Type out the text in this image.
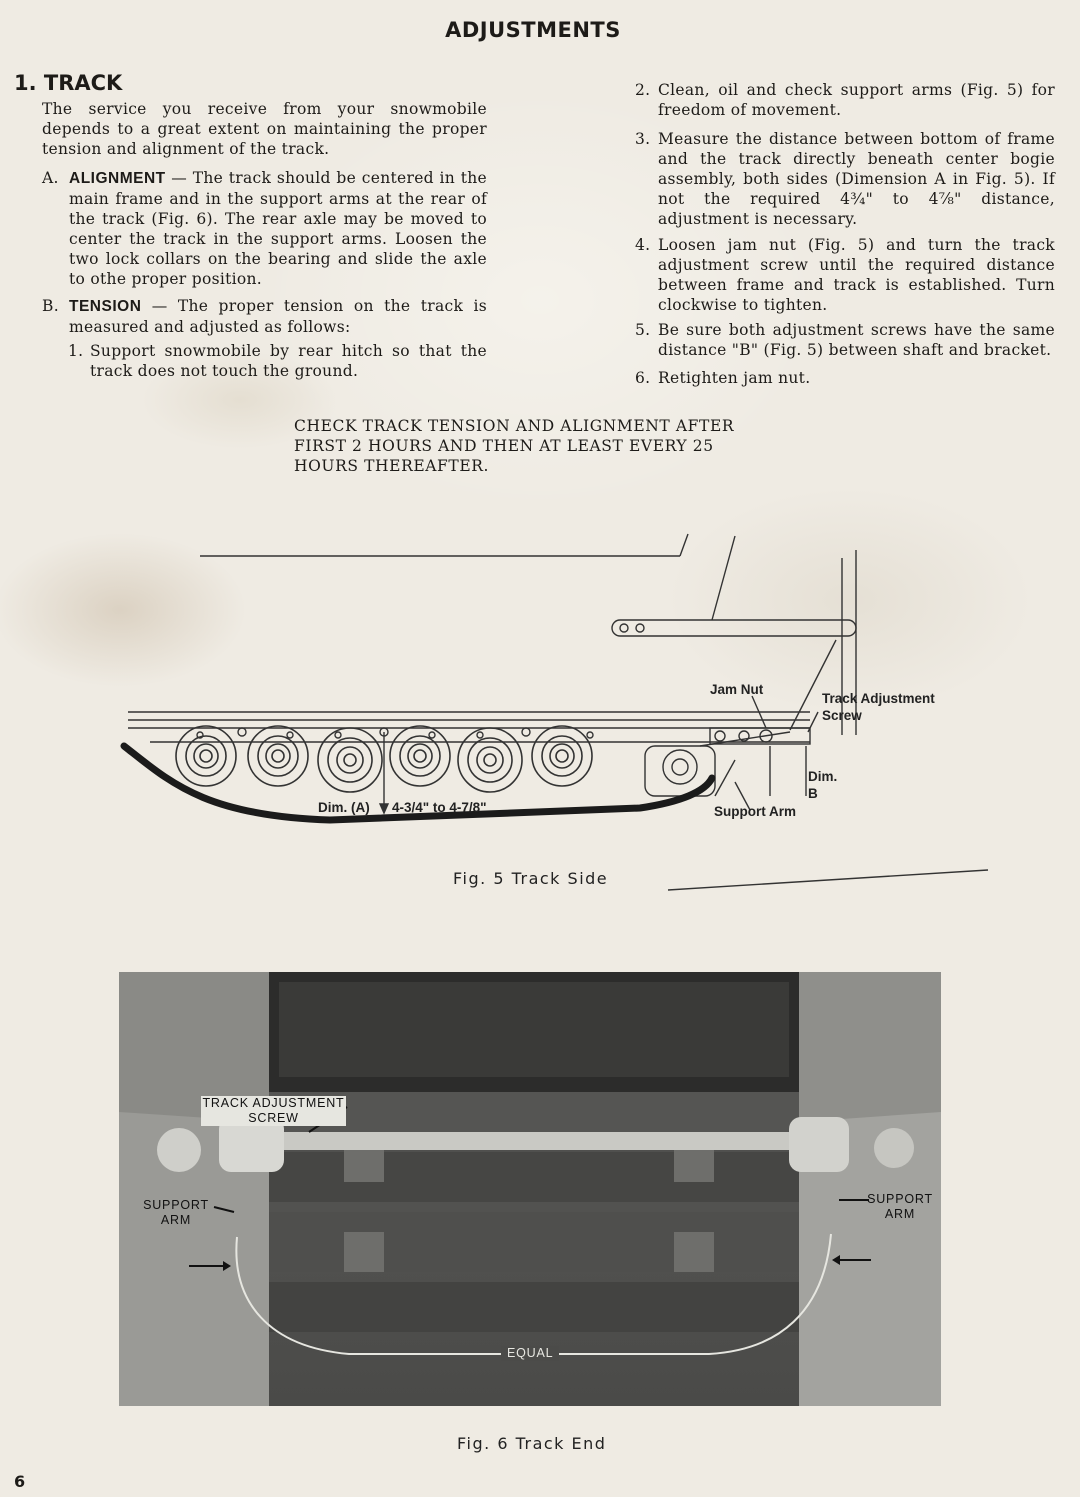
ADJUSTMENTS
1. TRACK
The service you receive from your snowmobile depends to a great extent on maintaining the proper tension and alignment of the track.
A. ALIGNMENT — The track should be centered in the main frame and in the support arms at the rear of the track (Fig. 6). The rear axle may be moved to center the track in the support arms. Loosen the two lock collars on the bearing and slide the axle to othe proper position.
B. TENSION — The proper tension on the track is measured and adjusted as follows:
1. Support snowmobile by rear hitch so that the track does not touch the ground.
2. Clean, oil and check support arms (Fig. 5) for freedom of movement.
3. Measure the distance between bottom of frame and the track directly beneath center bogie assembly, both sides (Dimension A in Fig. 5). If not the required 4¾" to 4⅞" distance, adjustment is necessary.
4. Loosen jam nut (Fig. 5) and turn the track adjustment screw until the required distance between frame and track is established. Turn clockwise to tighten.
5. Be sure both adjustment screws have the same distance "B" (Fig. 5) between shaft and bracket.
6. Retighten jam nut.
CHECK TRACK TENSION AND ALIGNMENT AFTER FIRST 2 HOURS AND THEN AT LEAST EVERY 25 HOURS THEREAFTER.
Jam Nut
Track Adjustment Screw
Dim. B
Support Arm
Dim. (A) 4-3/4" to 4-7/8"
Fig. 5 Track Side
TRACK ADJUSTMENT SCREW
SUPPORT ARM
SUPPORT ARM
EQUAL
Fig. 6 Track End
6
